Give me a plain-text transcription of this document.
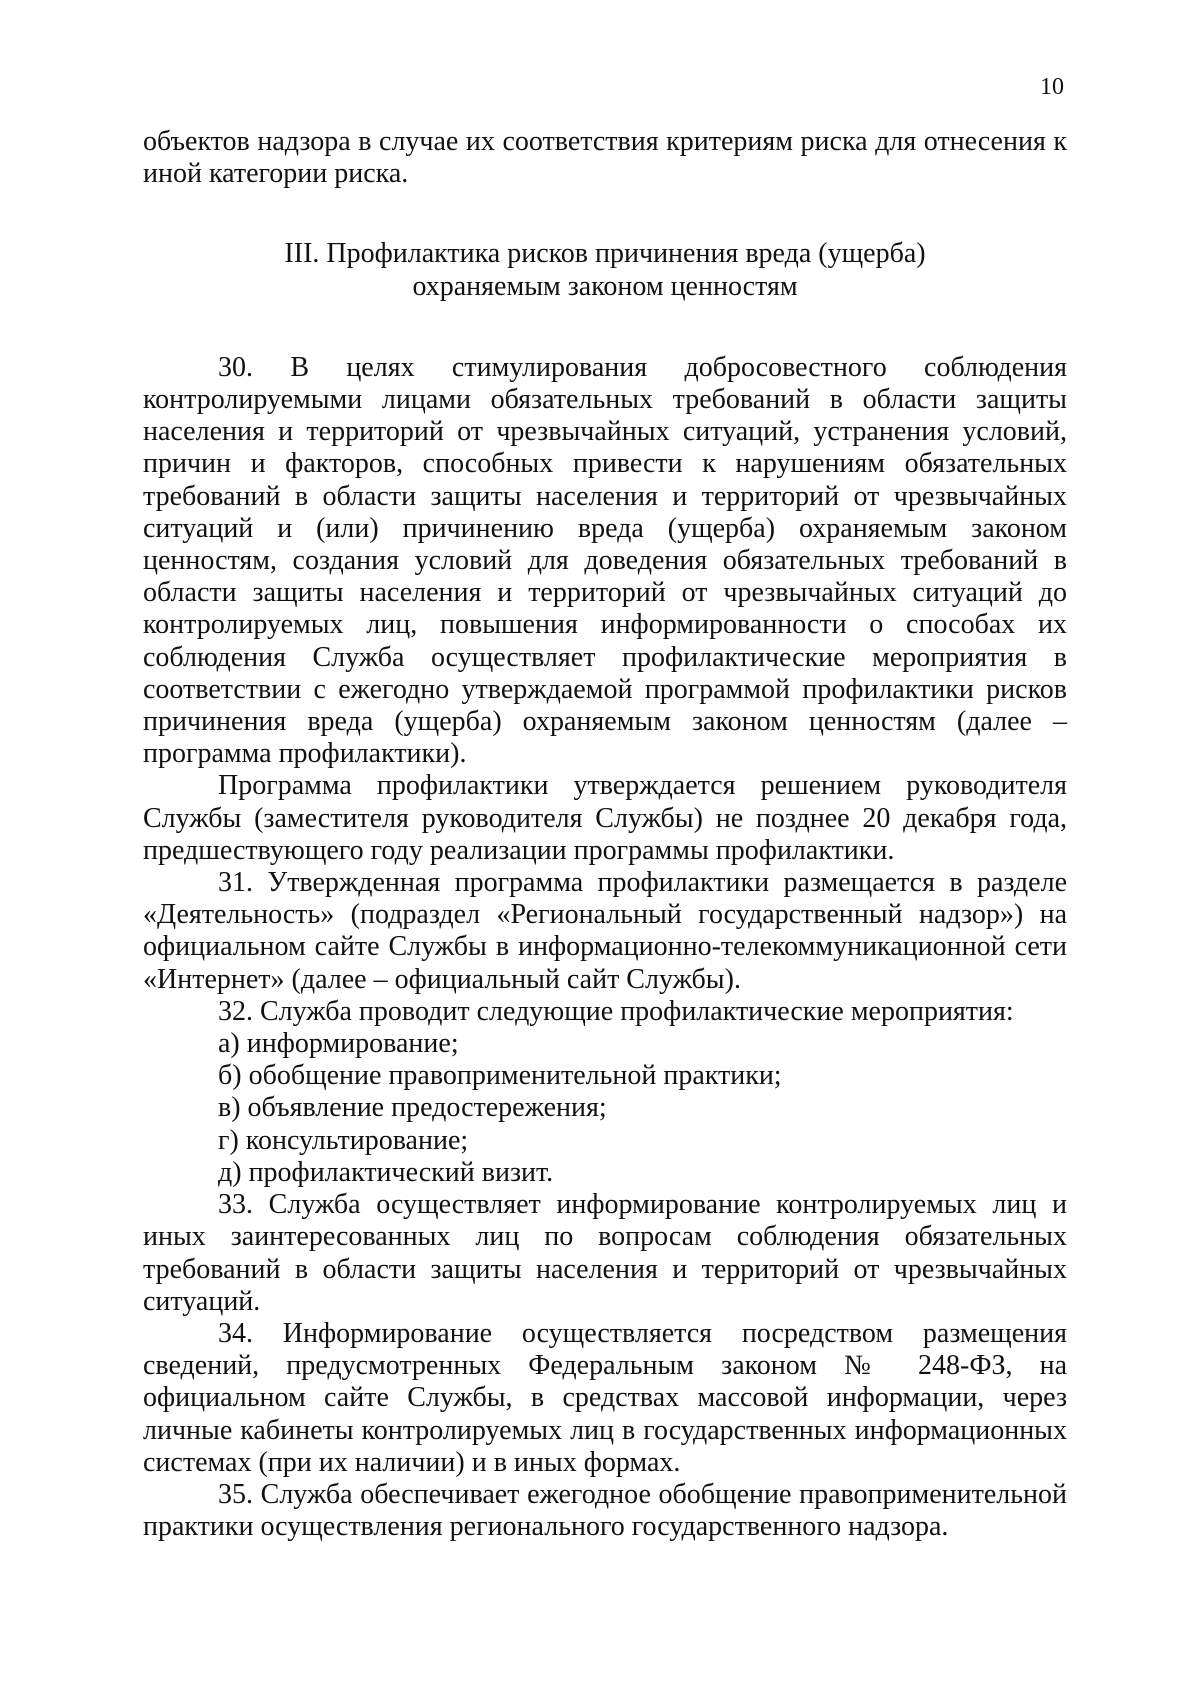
10

объектов надзора в случае их соответствия критериям риска для отнесения к иной категории риска.

III. Профилактика рисков причинения вреда (ущерба)
охраняемым законом ценностям

30. В целях стимулирования добросовестного соблюдения контролируемыми лицами обязательных требований в области защиты населения и территорий от чрезвычайных ситуаций, устранения условий, причин и факторов, способных привести к нарушениям обязательных требований в области защиты населения и территорий от чрезвычайных ситуаций и (или) причинению вреда (ущерба) охраняемым законом ценностям, создания условий для доведения обязательных требований в области защиты населения и территорий от чрезвычайных ситуаций до контролируемых лиц, повышения информированности о способах их соблюдения Служба осуществляет профилактические мероприятия в соответствии с ежегодно утверждаемой программой профилактики рисков причинения вреда (ущерба) охраняемым законом ценностям (далее – программа профилактики).

Программа профилактики утверждается решением руководителя Службы (заместителя руководителя Службы) не позднее 20 декабря года, предшествующего году реализации программы профилактики.

31. Утвержденная программа профилактики размещается в разделе «Деятельность» (подраздел «Региональный государственный надзор») на официальном сайте Службы в информационно-телекоммуникационной сети «Интернет» (далее – официальный сайт Службы).

32. Служба проводит следующие профилактические мероприятия:

а) информирование;

б) обобщение правоприменительной практики;

в) объявление предостережения;

г) консультирование;

д) профилактический визит.

33. Служба осуществляет информирование контролируемых лиц и иных заинтересованных лиц по вопросам соблюдения обязательных требований в области защиты населения и территорий от чрезвычайных ситуаций.

34. Информирование осуществляется посредством размещения сведений, предусмотренных Федеральным законом № 248-ФЗ, на официальном сайте Службы, в средствах массовой информации, через личные кабинеты контролируемых лиц в государственных информационных системах (при их наличии) и в иных формах.

35. Служба обеспечивает ежегодное обобщение правоприменительной практики осуществления регионального государственного надзора.
